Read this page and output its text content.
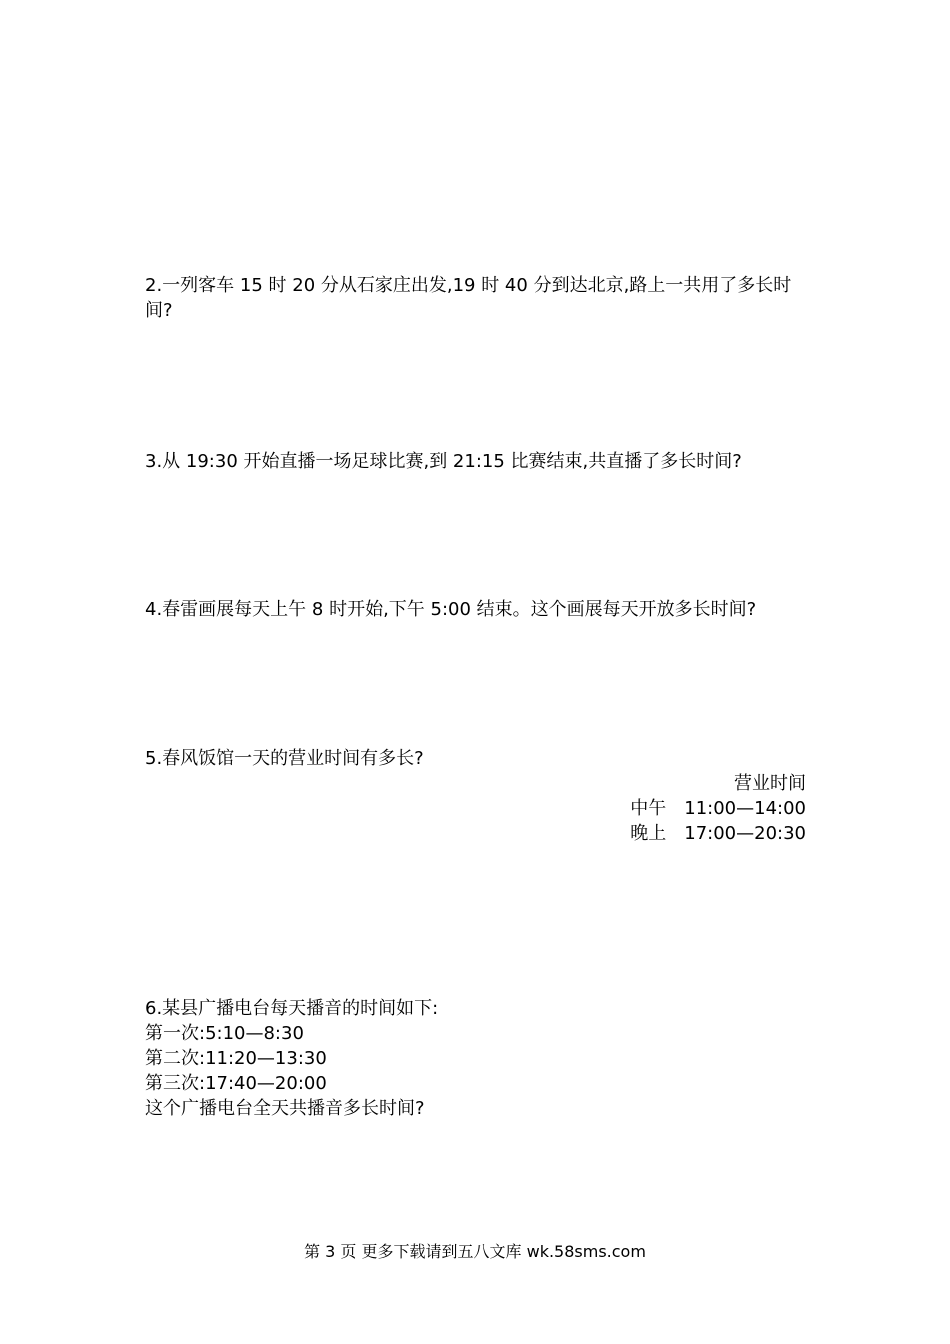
2.一列客车 15 时 20 分从石家庄出发,19 时 40 分到达北京,路上一共用了多长时间?
3.从 19:30 开始直播一场足球比赛,到 21:15 比赛结束,共直播了多长时间?
4.春雷画展每天上午 8 时开始,下午 5:00 结束。这个画展每天开放多长时间?
5.春风饭馆一天的营业时间有多长?
营业时间
中午 11:00—14:00
晚上 17:00—20:30
6.某县广播电台每天播音的时间如下:
第一次:5:10—8:30
第二次:11:20—13:30
第三次:17:40—20:00
这个广播电台全天共播音多长时间?
第 3 页 更多下载请到五八文库 wk.58sms.com
